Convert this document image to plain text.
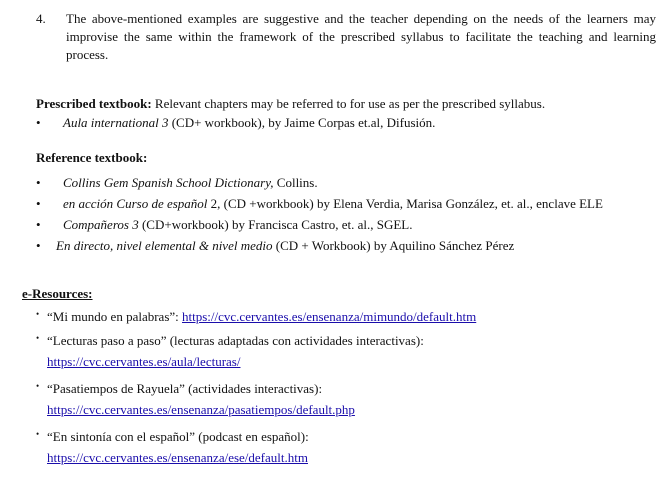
4. The above-mentioned examples are suggestive and the teacher depending on the needs of the learners may improvise the same within the framework of the prescribed syllabus to facilitate the teaching and learning process.
Prescribed textbook: Relevant chapters may be referred to for use as per the prescribed syllabus.
• Aula international 3 (CD+ workbook), by Jaime Corpas et.al, Difusión.
Reference textbook:
• Collins Gem Spanish School Dictionary, Collins.
• en acción Curso de español 2, (CD +workbook) by Elena Verdia, Marisa González, et. al., enclave ELE
• Compañeros 3 (CD+workbook) by Francisca Castro, et. al., SGEL.
• En directo, nivel elemental & nivel medio (CD + Workbook) by Aquilino Sánchez Pérez
e-Resources:
• “Mi mundo en palabras”: https://cvc.cervantes.es/ensenanza/mimundo/default.htm
• “Lecturas paso a paso” (lecturas adaptadas con actividades interactivas):
https://cvc.cervantes.es/aula/lecturas/
• “Pasatiempos de Rayuela” (actividades interactivas):
https://cvc.cervantes.es/ensenanza/pasatiempos/default.php
• “En sintonía con el español” (podcast en español):
https://cvc.cervantes.es/ensenanza/ese/default.htm
